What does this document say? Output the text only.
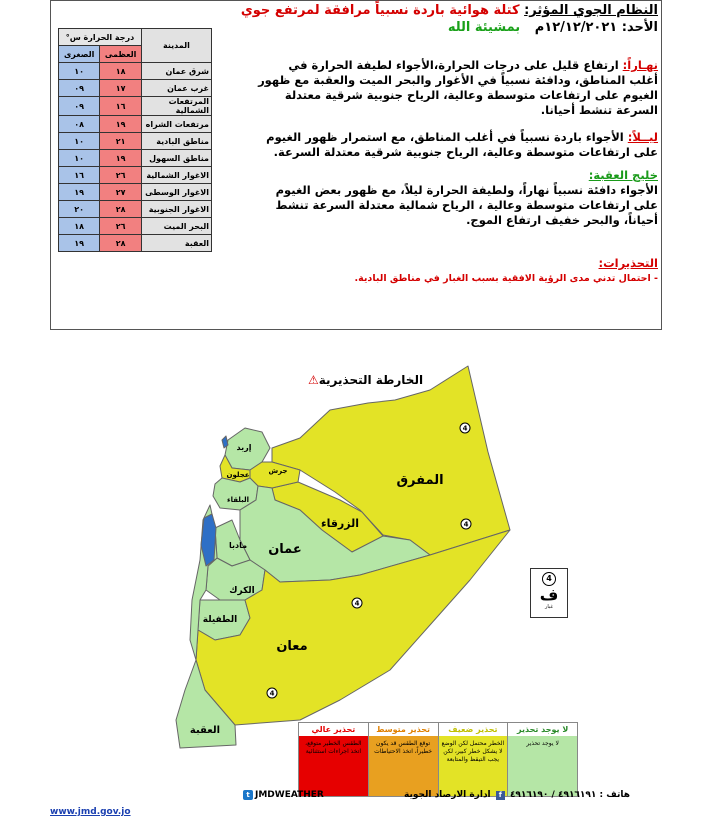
النظام الجوي المؤثر: كتلة هوائية باردة نسبياً مرافقة لمرتفع جوي
الأحد: ١٢/١٢/٢٠٢١م بمشيئة الله
نهـاراً: ارتفاع قليل على درجات الحرارة،الأجواء لطيفة الحرارة في أغلب المناطق، ودافئة نسبياً في الأغوار والبحر الميت والعقبة مع ظهور الغيوم على ارتفاعات متوسطة وعالية، الرياح جنوبية شرقية معتدلة السرعة تنشط أحيانا.
ليــلاً: الأجواء باردة نسبياً في أغلب المناطق، مع استمرار ظهور الغيوم على ارتفاعات متوسطة وعالية، الرياح جنوبية شرقية معتدلة السرعة.
خليج العقبة:
الأجواء دافئة نسبياً نهاراً، ولطيفة الحرارة ليلاً، مع ظهور بعض الغيوم على ارتفاعات متوسطة وعالية ، الرياح شمالية معتدلة السرعة تنشط أحياناً، والبحر خفيف ارتفاع الموج.
التحذيرات:
- احتمال تدني مدى الرؤية الافقية بسبب الغبار في مناطق البادية.
المدينة	درجة الحرارة س°	
	العظمى	الصغرى
شرق عمان	١٨	١٠
غرب عمان	١٧	٠٩
المرتفعات الشمالية	١٦	٠٩
مرتفعات الشراه	١٩	٠٨
مناطق البادية	٢١	١٠
مناطق السهول	١٩	١٠
الاغوار الشمالية	٢٦	١٦
الاغوار الوسطى	٢٧	١٩
الاغوار الجنوبية	٢٨	٢٠
البحر الميت	٢٦	١٨
العقبة	٢٨	١٩
الخارطة التحذيرية⚠
المفرق
الزرقاء
عمان
معان
العقبة
الكرك
الطفيلة
مادبا
إربد
البلقاء
جرش
عجلون
4
4
4
4
4
ف
غبار
لا يوجد تحذير
لا يوجد تحذير
تحذير ضعيف
الخطر محتمل لكن الوضع لا يشكل خطر كبير، لكن يجب التيقظ والمتابعة
تحذير متوسط
توقع الطقس قد يكون خطيراً، اتخذ الاحتياطات
تحذير عالي
الطقس الخطير متوقع، اتخذ اجراءات استثنائية
t JMDWEATHER	هاتف : ٤٩١٦١٩١ / ٤٩١٦١٩٠ f ادارة الارصاد الجوية
www.jmd.gov.jo
